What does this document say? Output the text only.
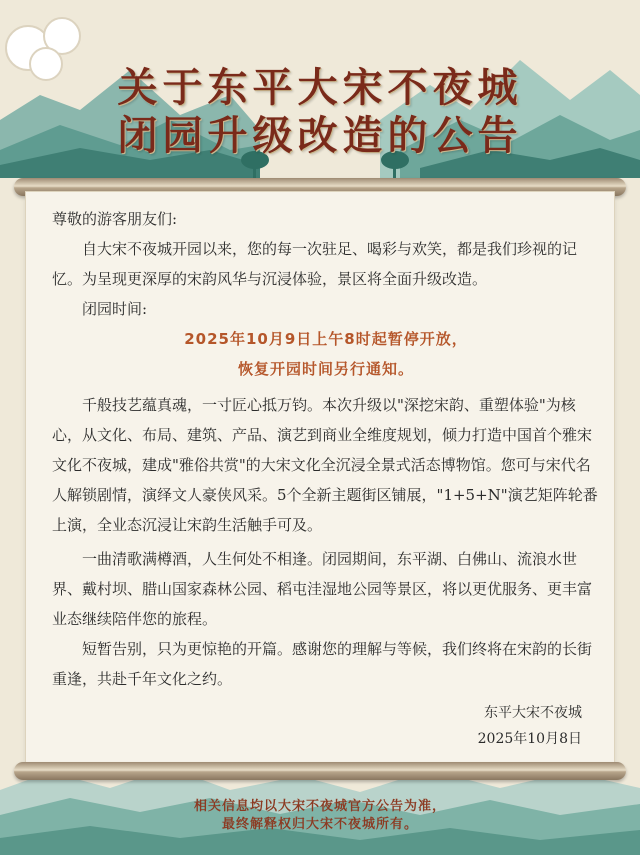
关于东平大宋不夜城
闭园升级改造的公告

尊敬的游客朋友们:

自大宋不夜城开园以来，您的每一次驻足、喝彩与欢笑，都是我们珍视的记忆。为呈现更深厚的宋韵风华与沉浸体验，景区将全面升级改造。

闭园时间:

2025年10月9日上午8时起暂停开放，

恢复开园时间另行通知。

千般技艺蕴真魂，一寸匠心抵万钧。本次升级以"深挖宋韵、重塑体验"为核心，从文化、布局、建筑、产品、演艺到商业全维度规划，倾力打造中国首个雅宋文化不夜城，建成"雅俗共赏"的大宋文化全沉浸全景式活态博物馆。您可与宋代名人解锁剧情，演绎文人豪侠风采。5个全新主题街区铺展，"1+5+N"演艺矩阵轮番上演，全业态沉浸让宋韵生活触手可及。

一曲清歌满樽酒，人生何处不相逢。闭园期间，东平湖、白佛山、流浪水世界、戴村坝、腊山国家森林公园、稻屯洼湿地公园等景区，将以更优服务、更丰富业态继续陪伴您的旅程。

短暂告别，只为更惊艳的开篇。感谢您的理解与等候，我们终将在宋韵的长街重逢，共赴千年文化之约。

东平大宋不夜城
2025年10月8日
相关信息均以大宋不夜城官方公告为准，
最终解释权归大宋不夜城所有。
